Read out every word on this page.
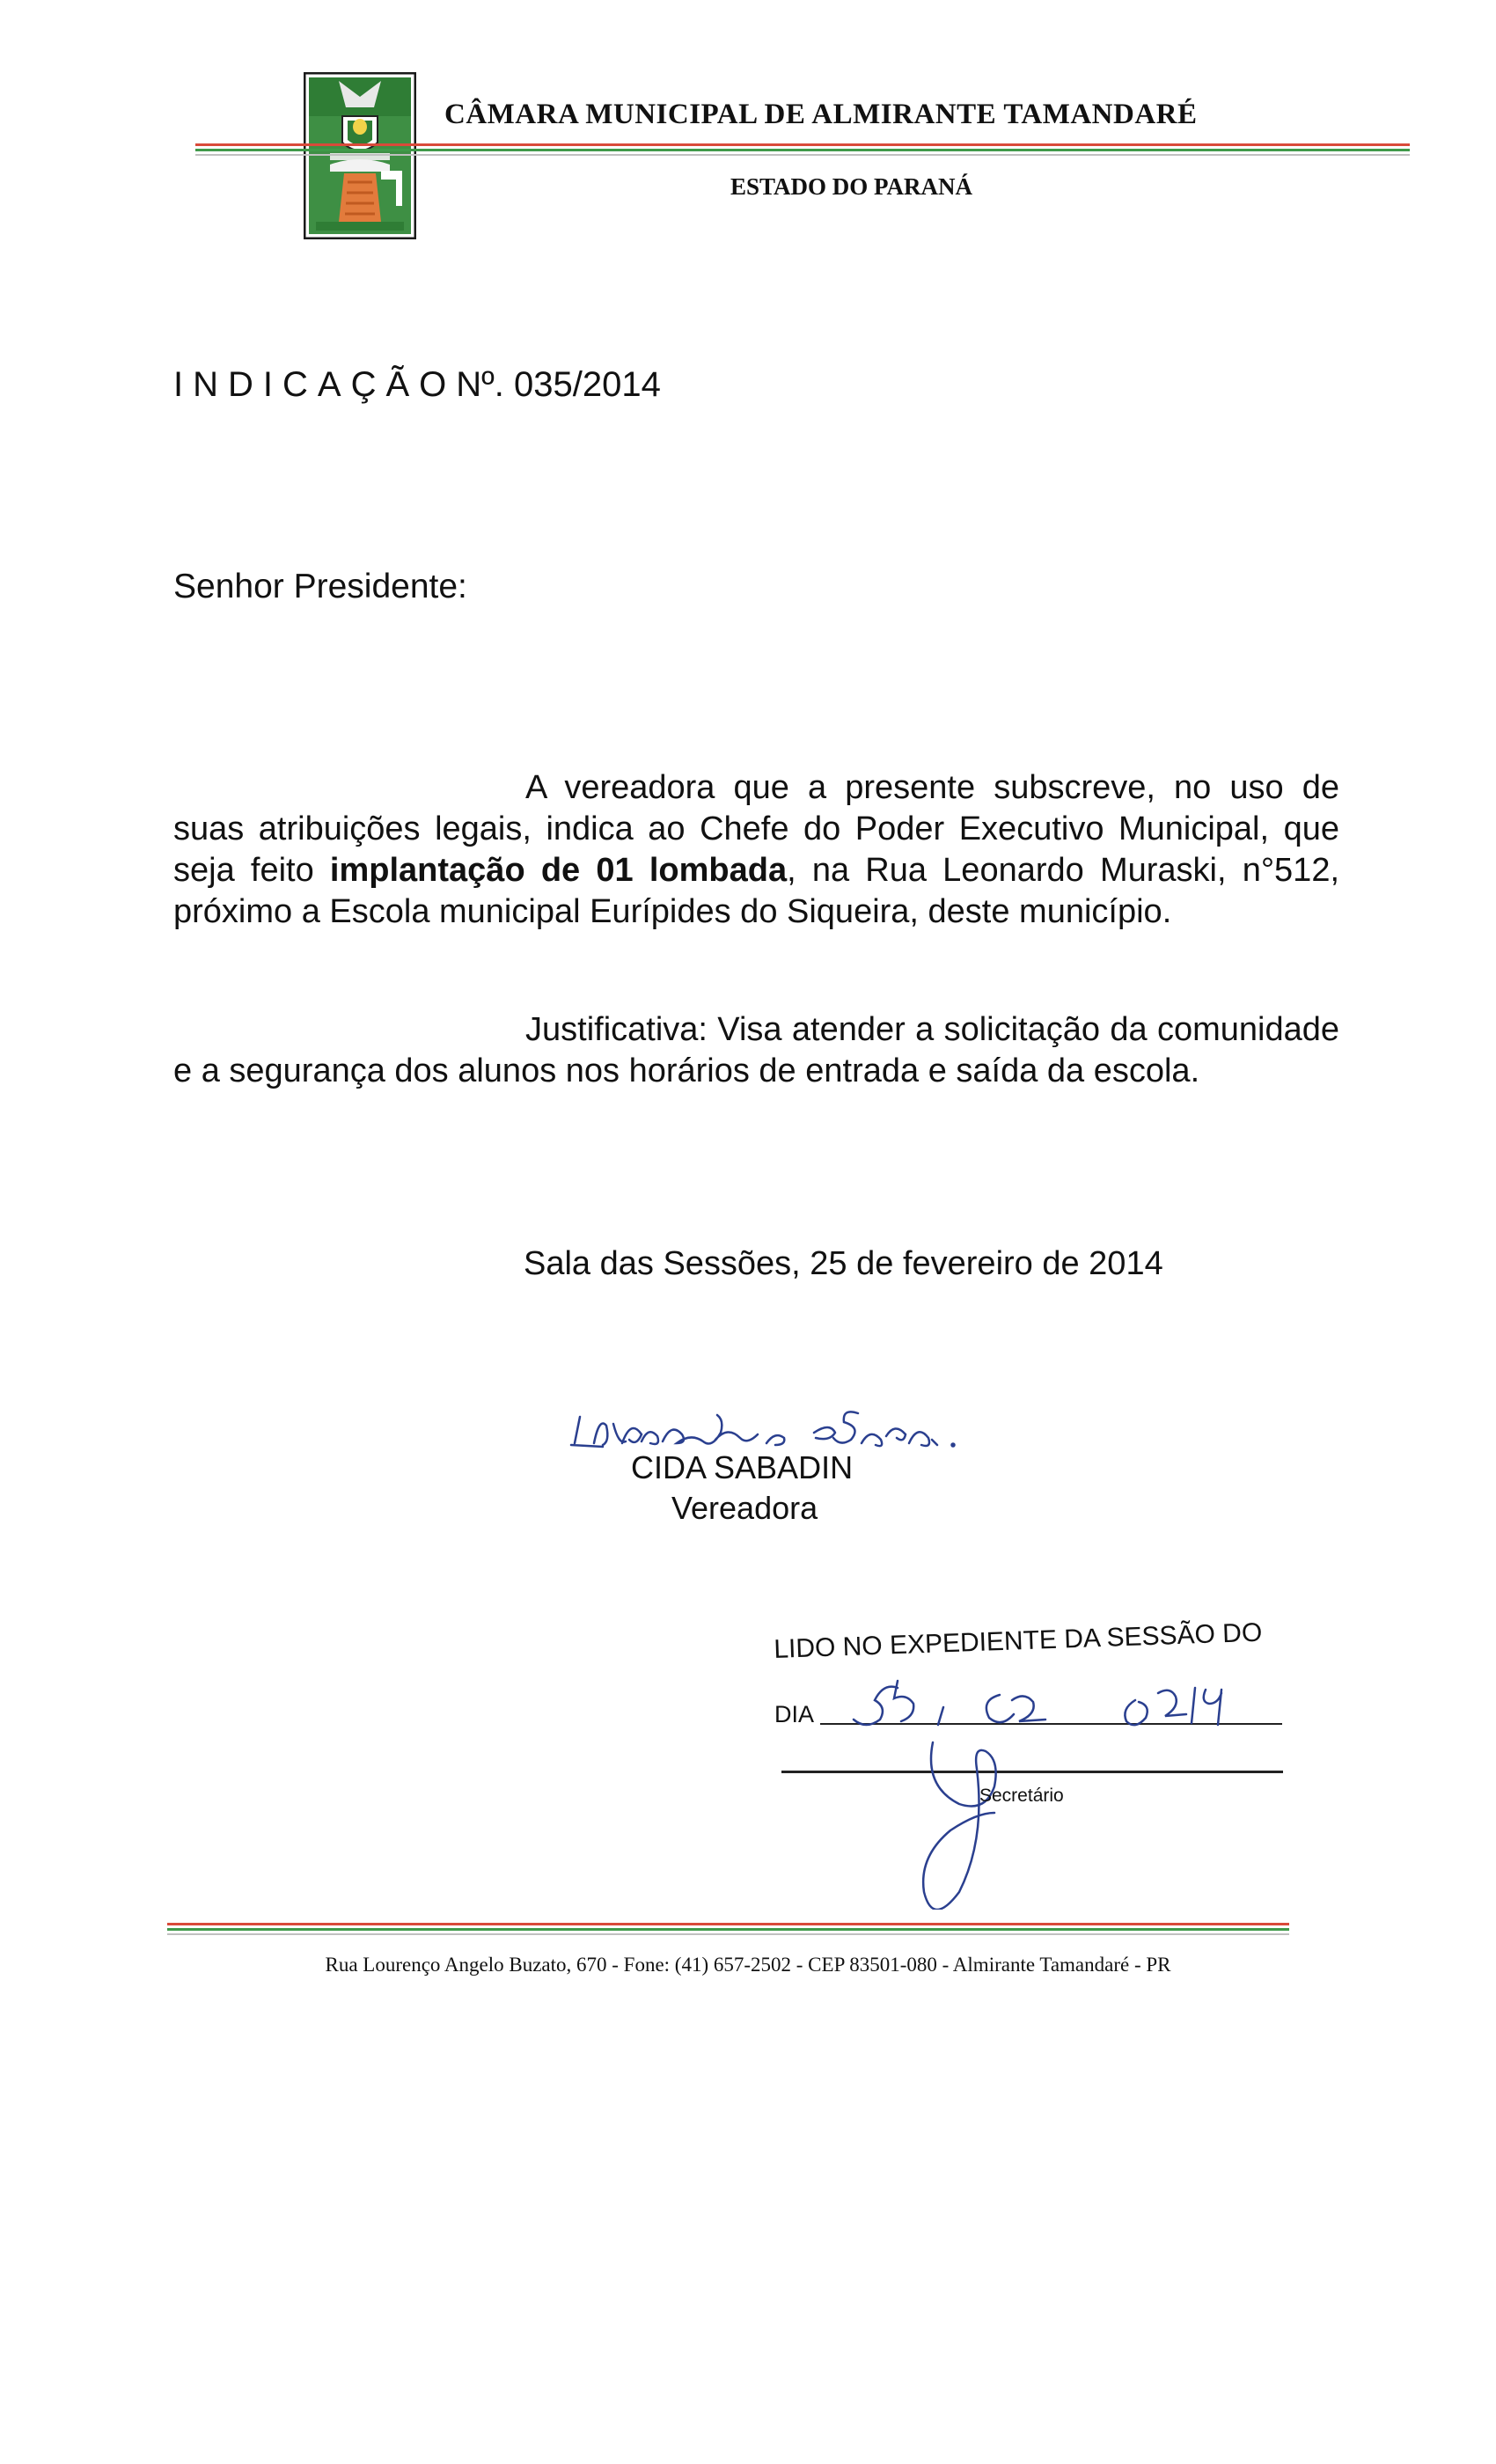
CÂMARA MUNICIPAL DE ALMIRANTE TAMANDARÉ
ESTADO DO PARANÁ
INDICAÇÃONº. 035/2014
Senhor Presidente:

A vereadora que a presente subscreve, no uso de suas atribuições legais, indica ao Chefe do Poder Executivo Municipal, que seja feito implantação de 01 lombada, na Rua Leonardo Muraski, n°512, próximo a Escola municipal Eurípides do Siqueira, deste município.

Justificativa: Visa atender a solicitação da comunidade e a segurança dos alunos nos horários de entrada e saída da escola.

Sala das Sessões, 25 de fevereiro de 2014
CIDA SABADIN
Vereadora
LIDO NO EXPEDIENTE DA SESSÃO DO
DIA
Secretário
Rua Lourenço Angelo Buzato, 670 - Fone: (41) 657-2502 - CEP 83501-080 - Almirante Tamandaré - PR
